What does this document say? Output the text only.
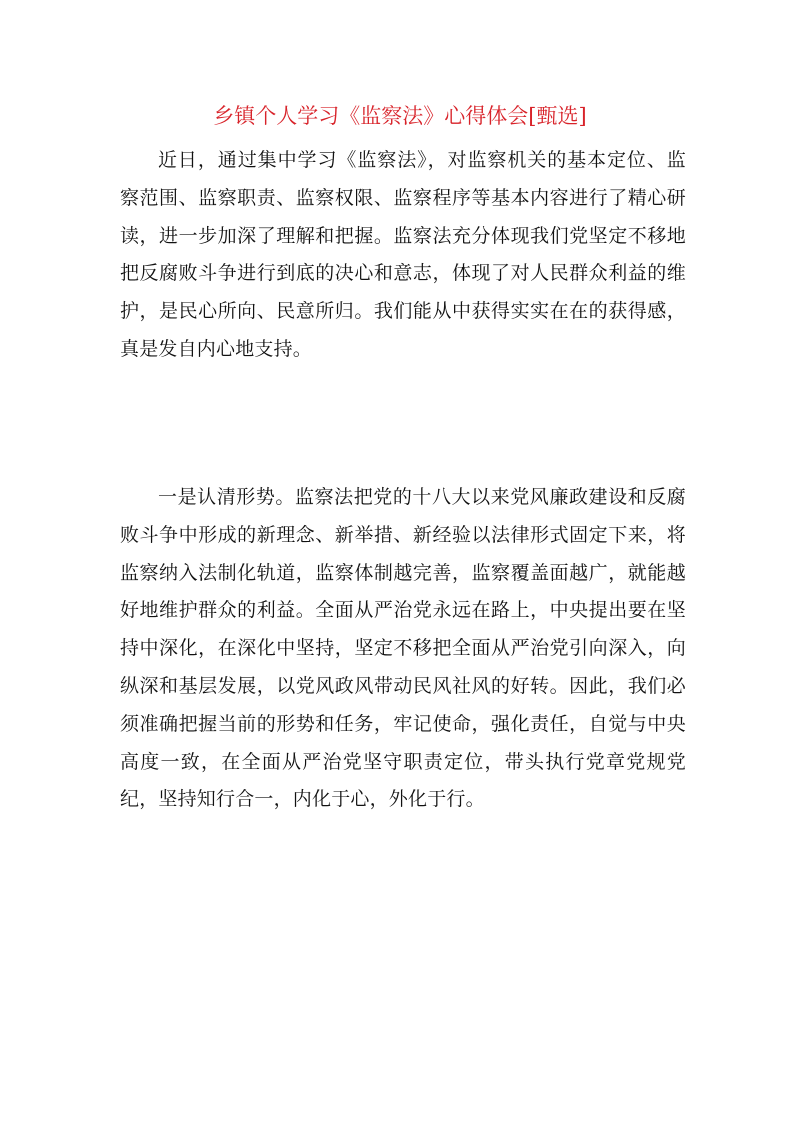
乡镇个人学习《监察法》心得体会[甄选]

近日，通过集中学习《监察法》，对监察机关的基本定位、监察范围、监察职责、监察权限、监察程序等基本内容进行了精心研读，进一步加深了理解和把握。监察法充分体现我们党坚定不移地把反腐败斗争进行到底的决心和意志，体现了对人民群众利益的维护，是民心所向、民意所归。我们能从中获得实实在在的获得感，真是发自内心地支持。

一是认清形势。监察法把党的十八大以来党风廉政建设和反腐败斗争中形成的新理念、新举措、新经验以法律形式固定下来，将监察纳入法制化轨道，监察体制越完善，监察覆盖面越广，就能越好地维护群众的利益。全面从严治党永远在路上，中央提出要在坚持中深化，在深化中坚持，坚定不移把全面从严治党引向深入，向纵深和基层发展，以党风政风带动民风社风的好转。因此，我们必须准确把握当前的形势和任务，牢记使命，强化责任，自觉与中央高度一致，在全面从严治党坚守职责定位，带头执行党章党规党纪，坚持知行合一，内化于心，外化于行。
